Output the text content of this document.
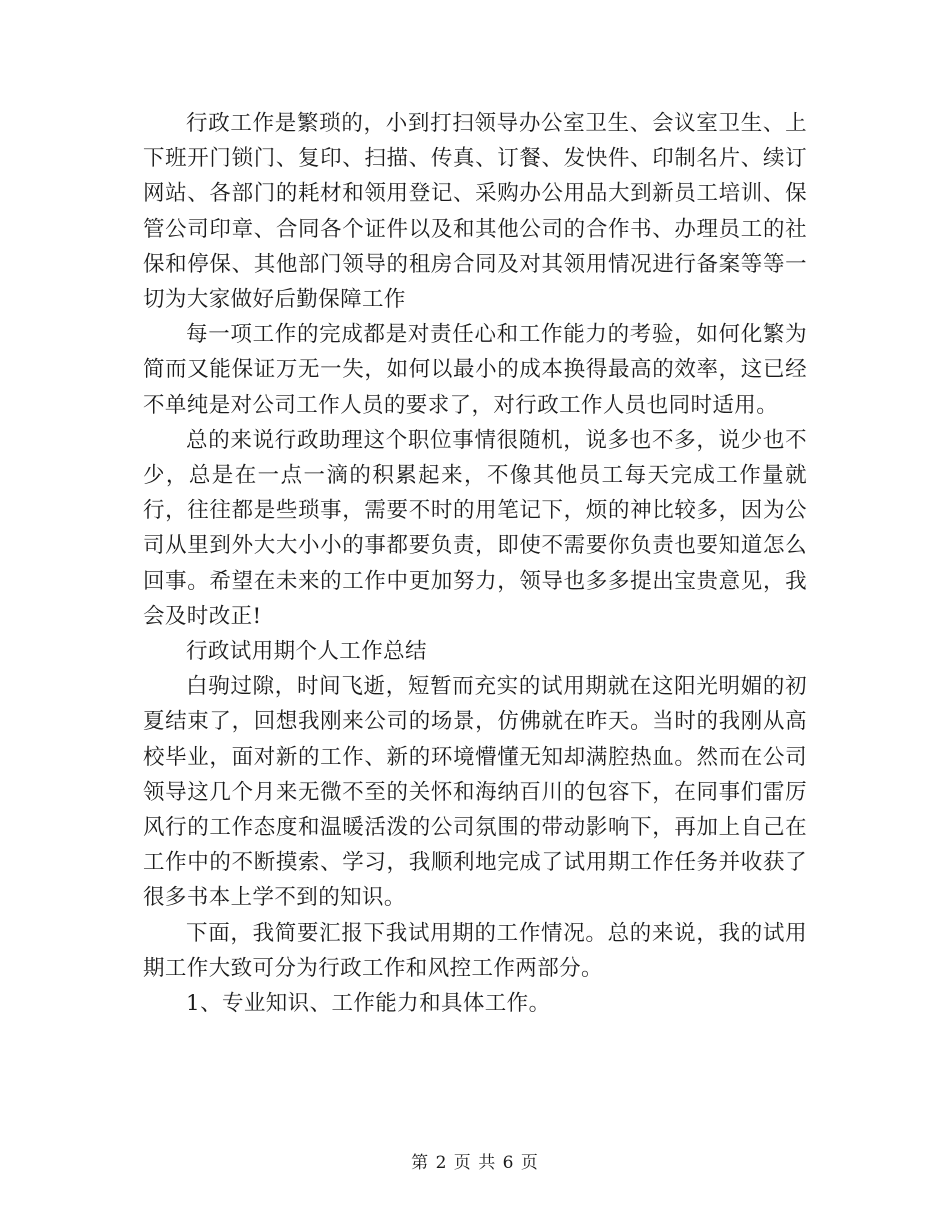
行政工作是繁琐的，小到打扫领导办公室卫生、会议室卫生、上下班开门锁门、复印、扫描、传真、订餐、发快件、印制名片、续订网站、各部门的耗材和领用登记、采购办公用品大到新员工培训、保管公司印章、合同各个证件以及和其他公司的合作书、办理员工的社保和停保、其他部门领导的租房合同及对其领用情况进行备案等等一切为大家做好后勤保障工作

每一项工作的完成都是对责任心和工作能力的考验，如何化繁为简而又能保证万无一失，如何以最小的成本换得最高的效率，这已经不单纯是对公司工作人员的要求了，对行政工作人员也同时适用。

总的来说行政助理这个职位事情很随机，说多也不多，说少也不少，总是在一点一滴的积累起来，不像其他员工每天完成工作量就行，往往都是些琐事，需要不时的用笔记下，烦的神比较多，因为公司从里到外大大小小的事都要负责，即使不需要你负责也要知道怎么回事。希望在未来的工作中更加努力，领导也多多提出宝贵意见，我会及时改正!

行政试用期个人工作总结

白驹过隙，时间飞逝，短暂而充实的试用期就在这阳光明媚的初夏结束了，回想我刚来公司的场景，仿佛就在昨天。当时的我刚从高校毕业，面对新的工作、新的环境懵懂无知却满腔热血。然而在公司领导这几个月来无微不至的关怀和海纳百川的包容下，在同事们雷厉风行的工作态度和温暖活泼的公司氛围的带动影响下，再加上自己在工作中的不断摸索、学习，我顺利地完成了试用期工作任务并收获了很多书本上学不到的知识。

下面，我简要汇报下我试用期的工作情况。总的来说，我的试用期工作大致可分为行政工作和风控工作两部分。

1、专业知识、工作能力和具体工作。

第 2 页 共 6 页
